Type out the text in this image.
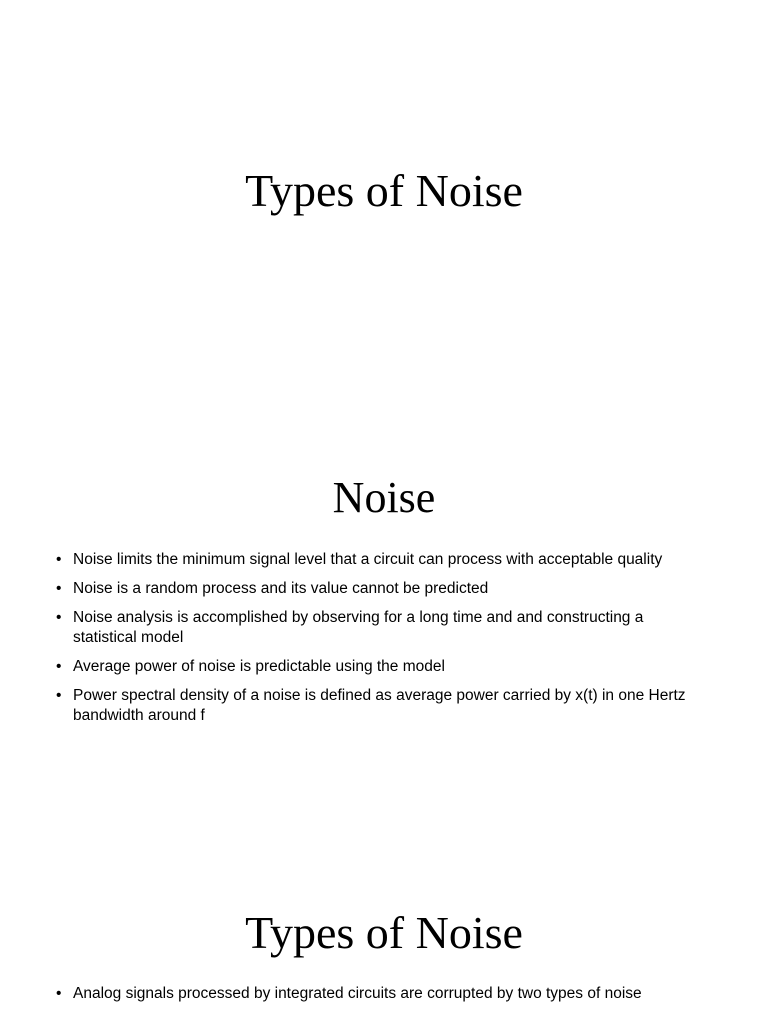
Types of Noise
Noise
• Noise limits the minimum signal level that a circuit can process with acceptable quality
• Noise is a random process and its value cannot be predicted
• Noise analysis is accomplished by observing for a long time and and constructing a statistical model
• Average power of noise is predictable using the model
• Power spectral density of a noise is defined as average power carried by x(t) in one Hertz bandwidth around f
Types of Noise
• Analog signals processed by integrated circuits are corrupted by two types of noise
